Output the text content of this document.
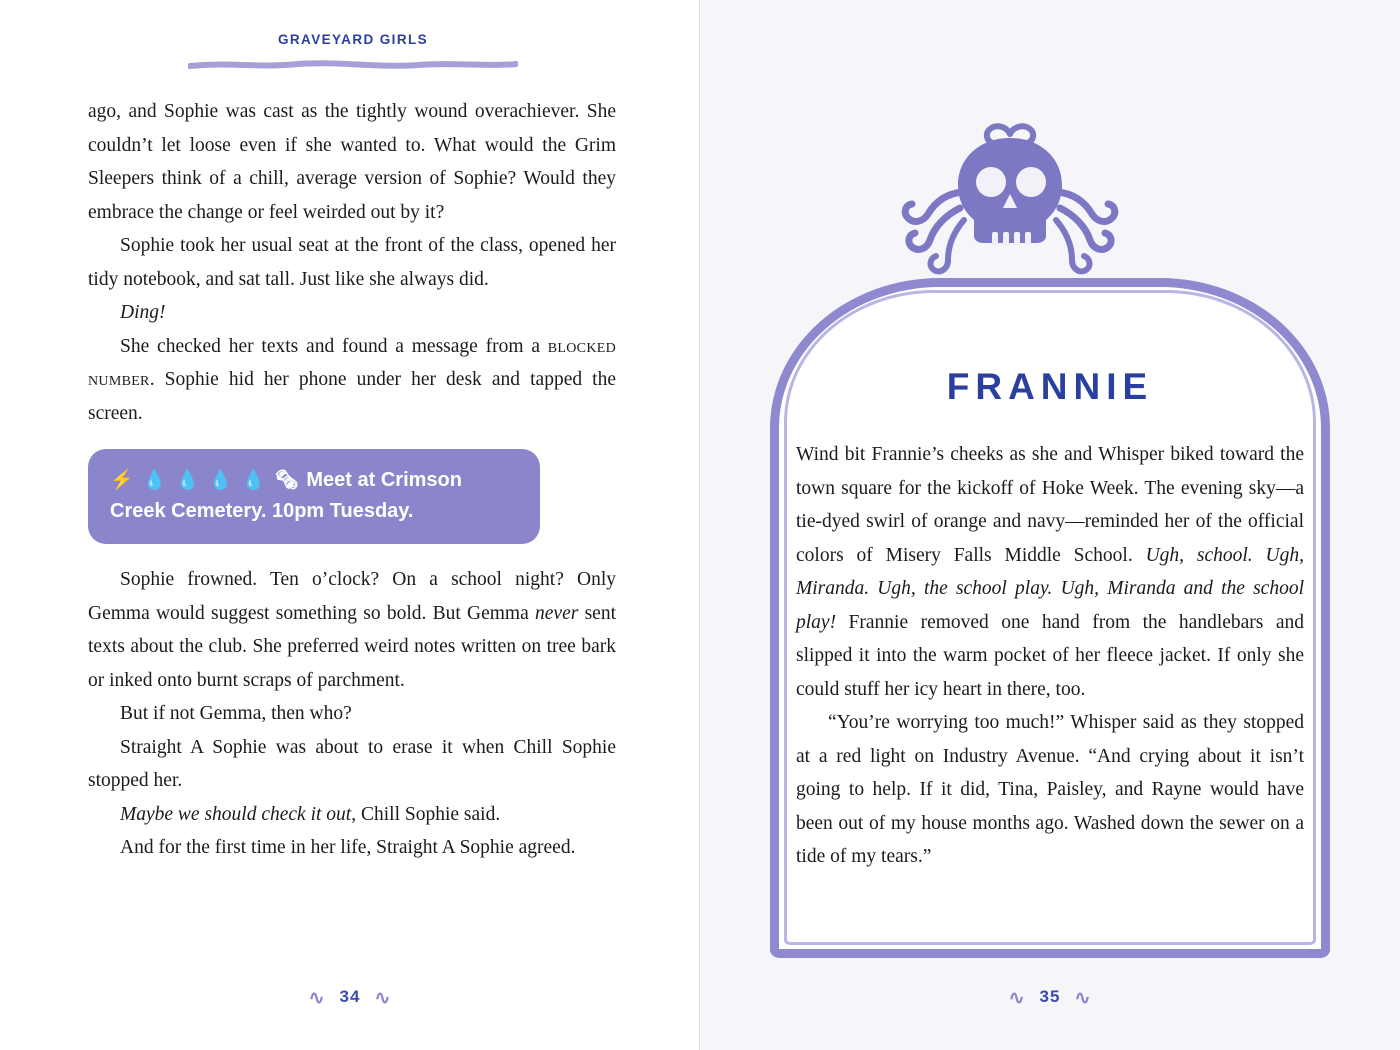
GRAVEYARD GIRLS

ago, and Sophie was cast as the tightly wound overachiever. She couldn’t let loose even if she wanted to. What would the Grim Sleepers think of a chill, average version of Sophie? Would they embrace the change or feel weirded out by it?

Sophie took her usual seat at the front of the class, opened her tidy notebook, and sat tall. Just like she always did.

Ding!

She checked her texts and found a message from a blocked number. Sophie hid her phone under her desk and tapped the screen.

⚡ 💧 💧 💧 💧 🗞 Meet at Crimson Creek Cemetery. 10pm Tuesday.

Sophie frowned. Ten o’clock? On a school night? Only Gemma would suggest something so bold. But Gemma never sent texts about the club. She preferred weird notes written on tree bark or inked onto burnt scraps of parchment.

But if not Gemma, then who?

Straight A Sophie was about to erase it when Chill Sophie stopped her.

Maybe we should check it out, Chill Sophie said.

And for the first time in her life, Straight A Sophie agreed.

∿ 34 ∿
FRANNIE

Wind bit Frannie’s cheeks as she and Whisper biked toward the town square for the kickoff of Hoke Week. The evening sky—a tie-dyed swirl of orange and navy—reminded her of the official colors of Misery Falls Middle School. Ugh, school. Ugh, Miranda. Ugh, the school play. Ugh, Miranda and the school play! Frannie removed one hand from the handlebars and slipped it into the warm pocket of her fleece jacket. If only she could stuff her icy heart in there, too.

“You’re worrying too much!” Whisper said as they stopped at a red light on Industry Avenue. “And crying about it isn’t going to help. If it did, Tina, Paisley, and Rayne would have been out of my house months ago. Washed down the sewer on a tide of my tears.”

∿ 35 ∿
